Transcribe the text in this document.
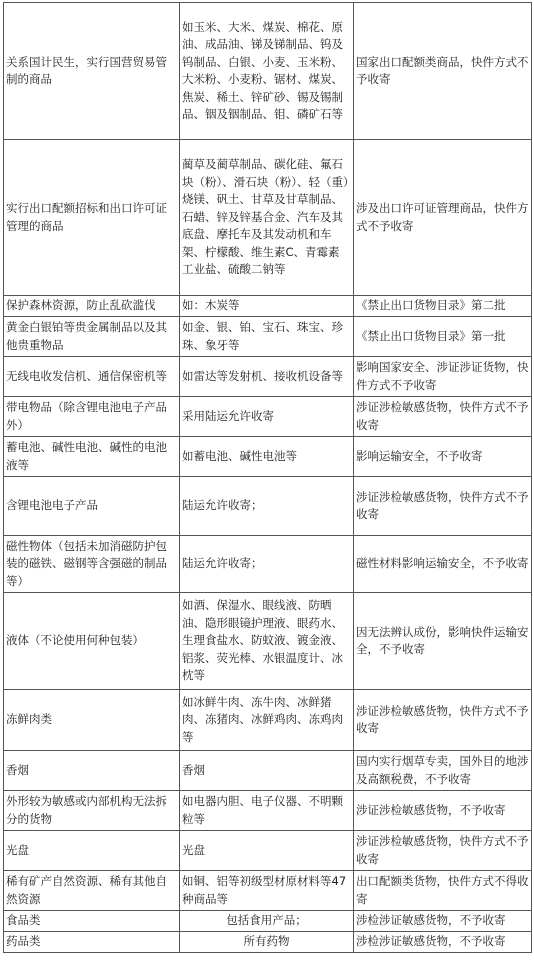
关系国计民生，实行国营贸易管制的商品	如玉米、大米、煤炭、棉花、原油、成品油、锑及锑制品、钨及钨制品、白银、小麦、玉米粉、大米粉、小麦粉、锯材、煤炭、焦炭、稀土、锌矿砂、锡及锡制品、铟及铟制品、钼、磷矿石等	国家出口配额类商品，快件方式不予收寄
实行出口配额招标和出口许可证管理的商品	蔺草及蔺草制品、碳化硅、氟石块（粉）、滑石块（粉）、轻（重）烧镁、矾土、甘草及甘草制品、石蜡、锌及锌基合金、汽车及其底盘、摩托车及其发动机和车架、柠檬酸、维生素C、青霉素工业盐、硫酸二钠等	涉及出口许可证管理商品，快件方式不予收寄
保护森林资源，防止乱砍滥伐	如：木炭等	《禁止出口货物目录》第二批
黄金白银铂等贵金属制品以及其他贵重物品	如金、银、铂、宝石、珠宝、珍珠、象牙等	《禁止出口货物目录》第一批
无线电收发信机、通信保密机等	如雷达等发射机、接收机设备等	影响国家安全、涉证涉证货物，快件方式不予收寄
带电物品（除含锂电池电子产品外）	采用陆运允许收寄	涉证涉检敏感货物，快件方式不予收寄
蓄电池、碱性电池、碱性的电池液等	如蓄电池、碱性电池等	影响运输安全，不予收寄
含锂电池电子产品	陆运允许收寄；	涉证涉检敏感货物，快件方式不予收寄
磁性物体（包括未加消磁防护包装的磁铁、磁钢等含强磁的制品等）	陆运允许收寄；	磁性材料影响运输安全，不予收寄
液体（不论使用何种包装）	如酒、保湿水、眼线液、防晒油、隐形眼镜护理液、眼药水、生理食盐水、防蚊液、镀金液、铝浆、荧光棒、水银温度计、冰枕等	因无法辨认成份，影响快件运输安全，不予收寄
冻鲜肉类	如冰鲜牛肉、冻牛肉、冰鲜猪肉、冻猪肉、冰鲜鸡肉、冻鸡肉等	涉证涉检敏感货物，快件方式不予收寄
香烟	香烟	国内实行烟草专卖，国外目的地涉及高额税费，不予收寄
外形较为敏感或内部机构无法拆分的货物	如电器内胆、电子仪器、不明颗粒等	涉证涉检敏感货物，不予收寄
光盘	光盘	涉证涉检敏感货物，快件方式不予收寄
稀有矿产自然资源、稀有其他自然资源	如铜、铝等初级型材原材料等47种商品等	出口配额类货物，快件方式不得收寄
食品类	包括食用产品；	涉检涉证敏感货物，不予收寄
药品类	所有药物	涉检涉证敏感货物，不予收寄
